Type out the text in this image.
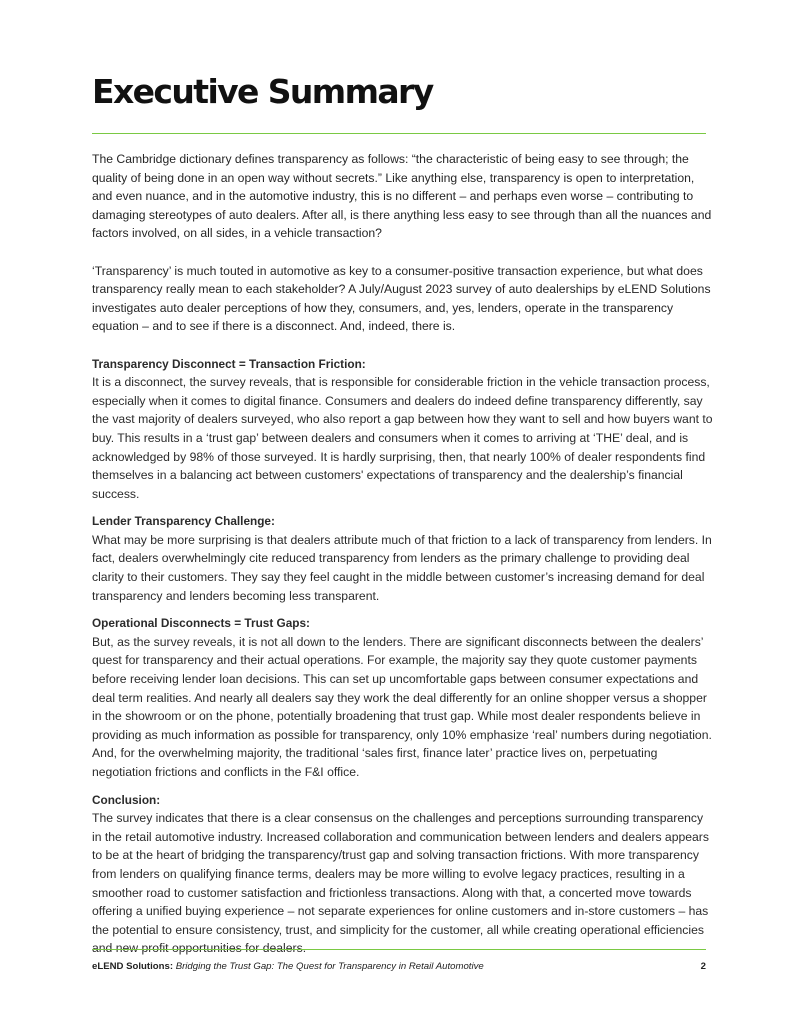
Executive Summary

The Cambridge dictionary defines transparency as follows: “the characteristic of being easy to see through; the quality of being done in an open way without secrets.” Like anything else, transparency is open to interpretation, and even nuance, and in the automotive industry, this is no different – and perhaps even worse – contributing to damaging stereotypes of auto dealers. After all, is there anything less easy to see through than all the nuances and factors involved, on all sides, in a vehicle transaction?

‘Transparency’ is much touted in automotive as key to a consumer-positive transaction experience, but what does transparency really mean to each stakeholder? A July/August 2023 survey of auto dealerships by eLEND Solutions investigates auto dealer perceptions of how they, consumers, and, yes, lenders, operate in the transparency equation – and to see if there is a disconnect. And, indeed, there is.

Transparency Disconnect = Transaction Friction:

It is a disconnect, the survey reveals, that is responsible for considerable friction in the vehicle transaction process, especially when it comes to digital finance. Consumers and dealers do indeed define transparency differently, say the vast majority of dealers surveyed, who also report a gap between how they want to sell and how buyers want to buy. This results in a ‘trust gap’ between dealers and consumers when it comes to arriving at ‘THE’ deal, and is acknowledged by 98% of those surveyed. It is hardly surprising, then, that nearly 100% of dealer respondents find themselves in a balancing act between customers' expectations of transparency and the dealership’s financial success.

Lender Transparency Challenge:

What may be more surprising is that dealers attribute much of that friction to a lack of transparency from lenders. In fact, dealers overwhelmingly cite reduced transparency from lenders as the primary challenge to providing deal clarity to their customers. They say they feel caught in the middle between customer’s increasing demand for deal transparency and lenders becoming less transparent.

Operational Disconnects = Trust Gaps:

But, as the survey reveals, it is not all down to the lenders. There are significant disconnects between the dealers’ quest for transparency and their actual operations. For example, the majority say they quote customer payments before receiving lender loan decisions. This can set up uncomfortable gaps between consumer expectations and deal term realities. And nearly all dealers say they work the deal differently for an online shopper versus a shopper in the showroom or on the phone, potentially broadening that trust gap. While most dealer respondents believe in providing as much information as possible for transparency, only 10% emphasize ‘real’ numbers during negotiation. And, for the overwhelming majority, the traditional ‘sales first, finance later’ practice lives on, perpetuating negotiation frictions and conflicts in the F&I office.

Conclusion:

The survey indicates that there is a clear consensus on the challenges and perceptions surrounding transparency in the retail automotive industry. Increased collaboration and communication between lenders and dealers appears to be at the heart of bridging the transparency/trust gap and solving transaction frictions. With more transparency from lenders on qualifying finance terms, dealers may be more willing to evolve legacy practices, resulting in a smoother road to customer satisfaction and frictionless transactions. Along with that, a concerted move towards offering a unified buying experience – not separate experiences for online customers and in-store customers – has the potential to ensure consistency, trust, and simplicity for the customer, all while creating operational efficiencies and new profit opportunities for dealers.

eLEND Solutions: Bridging the Trust Gap: The Quest for Transparency in Retail Automotive	2
